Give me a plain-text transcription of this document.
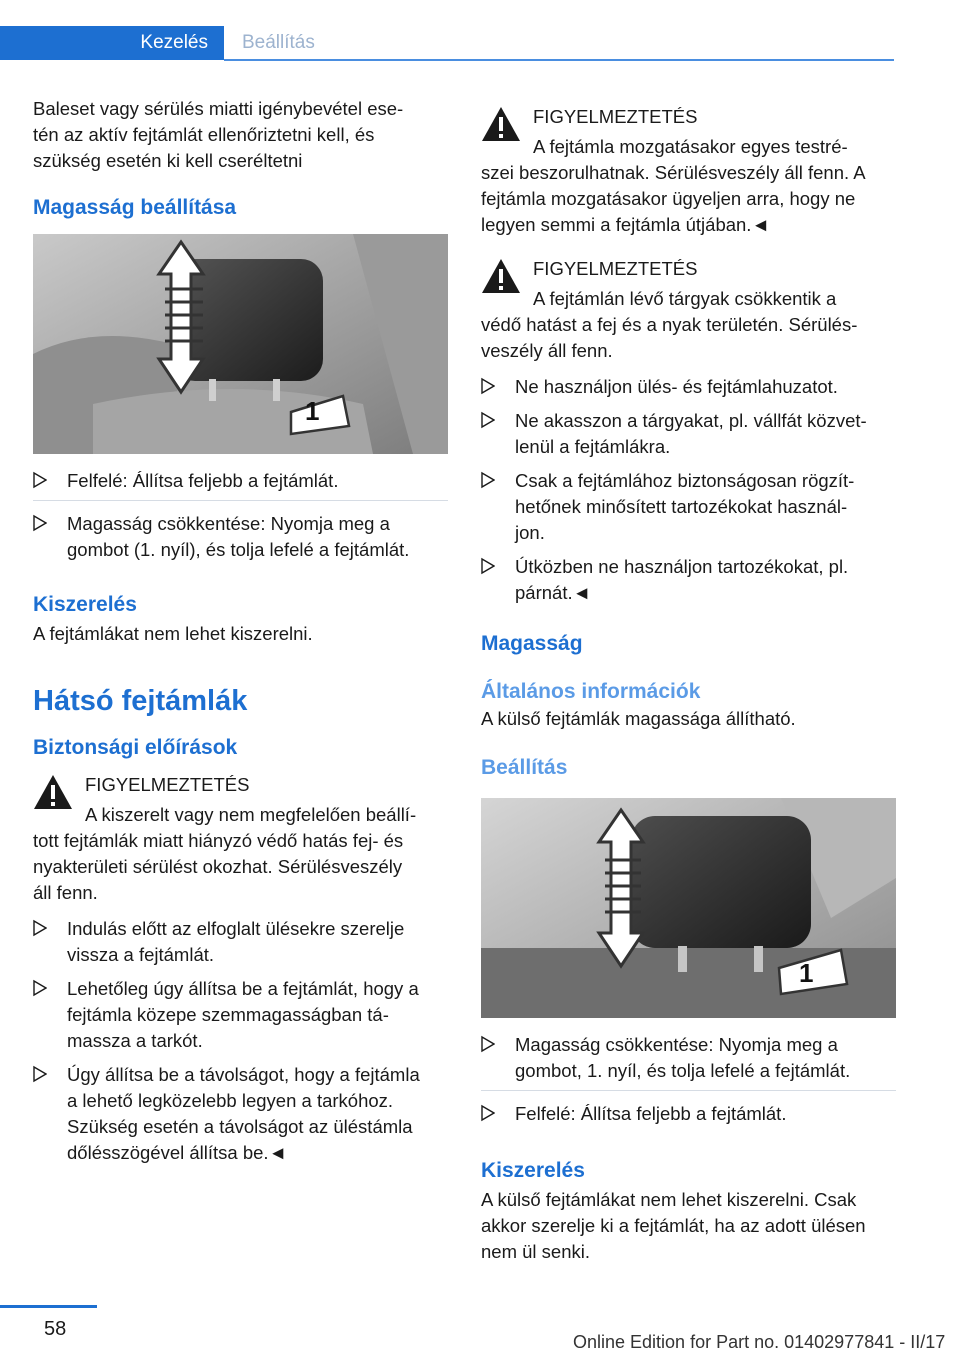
Kezelés	Beállítás

Baleset vagy sérülés miatti igénybevétel ese-
tén az aktív fejtámlát ellenőriztetni kell, és
szükség esetén ki kell cseréltetni

Magasság beállítása
1
Felfelé: Állítsa feljebb a fejtámlát.
Magasság csökkentése: Nyomja meg a
gombot (1. nyíl), és tolja lefelé a fejtámlát.
Kiszerelés

A fejtámlákat nem lehet kiszerelni.

Hátsó fejtámlák
Biztonsági előírások
FIGYELMEZTETÉS
A kiszerelt vagy nem megfelelően beállí-
tott fejtámlák miatt hiányzó védő hatás fej- és
nyakterületi sérülést okozhat. Sérülésveszély
áll fenn.
Indulás előtt az elfoglalt ülésekre szerelje
vissza a fejtámlát.
Lehetőleg úgy állítsa be a fejtámlát, hogy a
fejtámla közepe szemmagasságban tá-
massza a tarkót.
Úgy állítsa be a távolságot, hogy a fejtámla
a lehető legközelebb legyen a tarkóhoz.
Szükség esetén a távolságot az üléstámla
dőlésszögével állítsa be.◄
FIGYELMEZTETÉS
A fejtámla mozgatásakor egyes testré-
szei beszorulhatnak. Sérülésveszély áll fenn. A
fejtámla mozgatásakor ügyeljen arra, hogy ne
legyen semmi a fejtámla útjában.◄
FIGYELMEZTETÉS
A fejtámlán lévő tárgyak csökkentik a
védő hatást a fej és a nyak területén. Sérülés-
veszély áll fenn.
Ne használjon ülés- és fejtámlahuzatot.
Ne akasszon a tárgyakat, pl. vállfát közvet-
lenül a fejtámlákra.
Csak a fejtámlához biztonságosan rögzít-
hetőnek minősített tartozékokat használ-
jon.
Útközben ne használjon tartozékokat, pl.
párnát.◄
Magasság
Általános információk

A külső fejtámlák magassága állítható.

Beállítás
1
Magasság csökkentése: Nyomja meg a
gombot, 1. nyíl, és tolja lefelé a fejtámlát.
Felfelé: Állítsa feljebb a fejtámlát.
Kiszerelés

A külső fejtámlákat nem lehet kiszerelni. Csak
akkor szerelje ki a fejtámlát, ha az adott ülésen
nem ül senki.

58
Online Edition for Part no. 01402977841 - II/17
